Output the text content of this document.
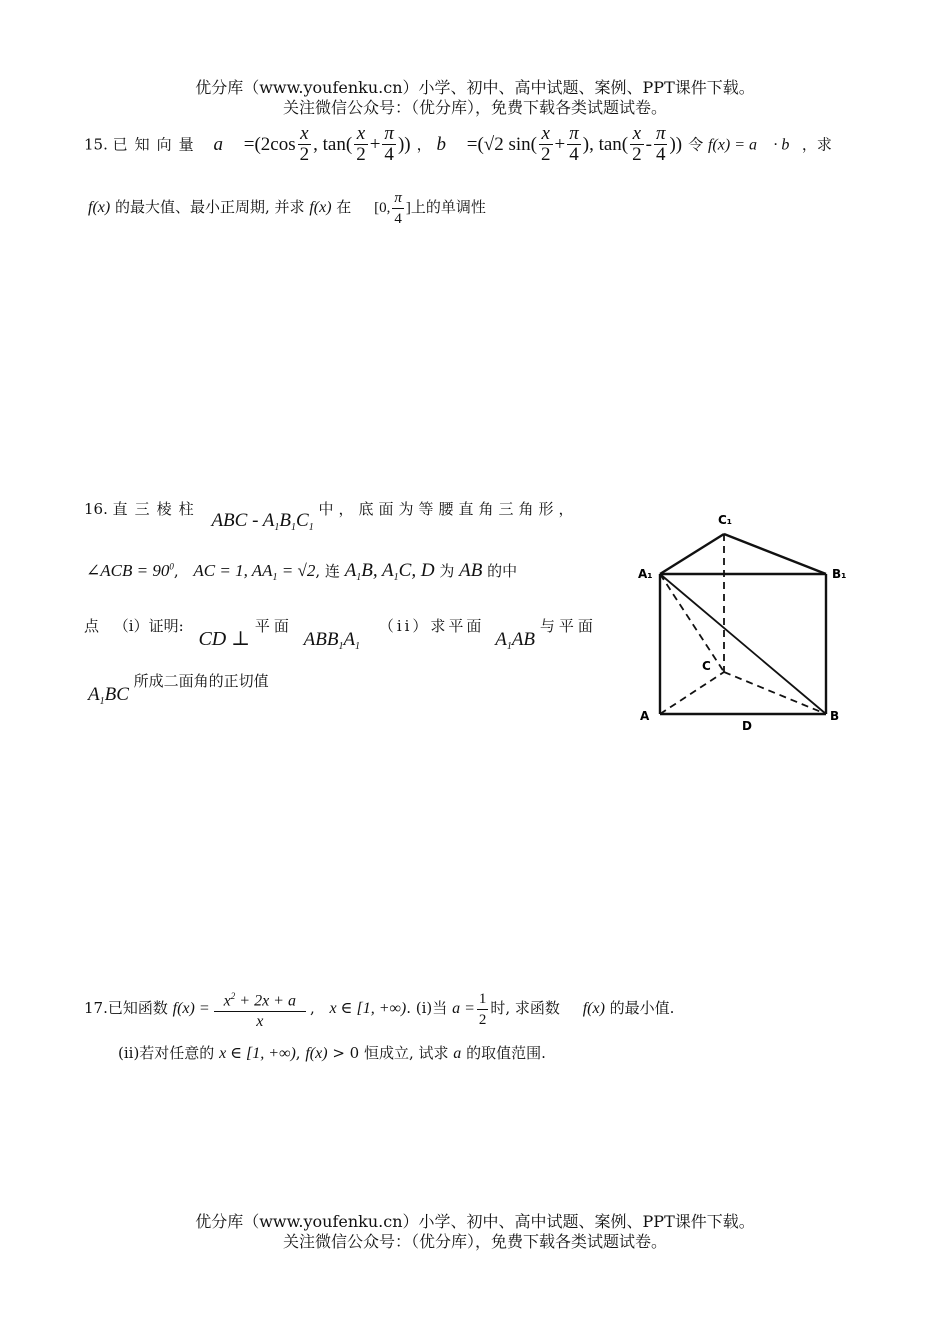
优分库（www.youfenku.cn）小学、初中、高中试题、案例、PPT课件下载。
关注微信公众号：（优分库），免费下载各类试题试卷。
15. 已知向量 a⃗ $=(2\cos \frac{x}{2}$ , $\tan( \frac{x}{2} + \frac{\pi}{4}$ )) ， b⃗ =(√2 $\sin( \frac{x}{2} + \frac{\pi}{4}$ ), $\tan( \frac{x}{2} - \frac{\pi}{4}$ )) 令 f(x) = a⃗ · b⃗，求
f(x) 的最大值、最小正周期, 并求 f(x) 在 [0, $\frac{\pi}{4}$ ]上的单调性
16. 直三棱柱 ABC - $A_1B_1C_1$ 中，底面为等腰直角三角形，
∠ACB = $90^0$, AC = 1, $AA_1 = √2$, 连 $A_1B$, $A_1C$, D 为 AB 的中
点 （i）证明: CD ⊥ 平面 $ABB_1A_1$ （ii）求平面 $A_1AB$ 与平面
$A_1BC$ 所成二面角的正切值
C₁
A₁	B₁
C
A	B
D
17.已知函数 $f(x) = \frac{x^2 + 2x + a}{x}$ , x ∈ [1, +∞). (i)当 $a = \frac{1}{2}$ 时, 求函数 f(x) 的最小值.
(ii)若对任意的 x ∈ [1, +∞), f(x) > 0 恒成立, 试求 a 的取值范围.
优分库（www.youfenku.cn）小学、初中、高中试题、案例、PPT课件下载。
关注微信公众号：（优分库），免费下载各类试题试卷。
